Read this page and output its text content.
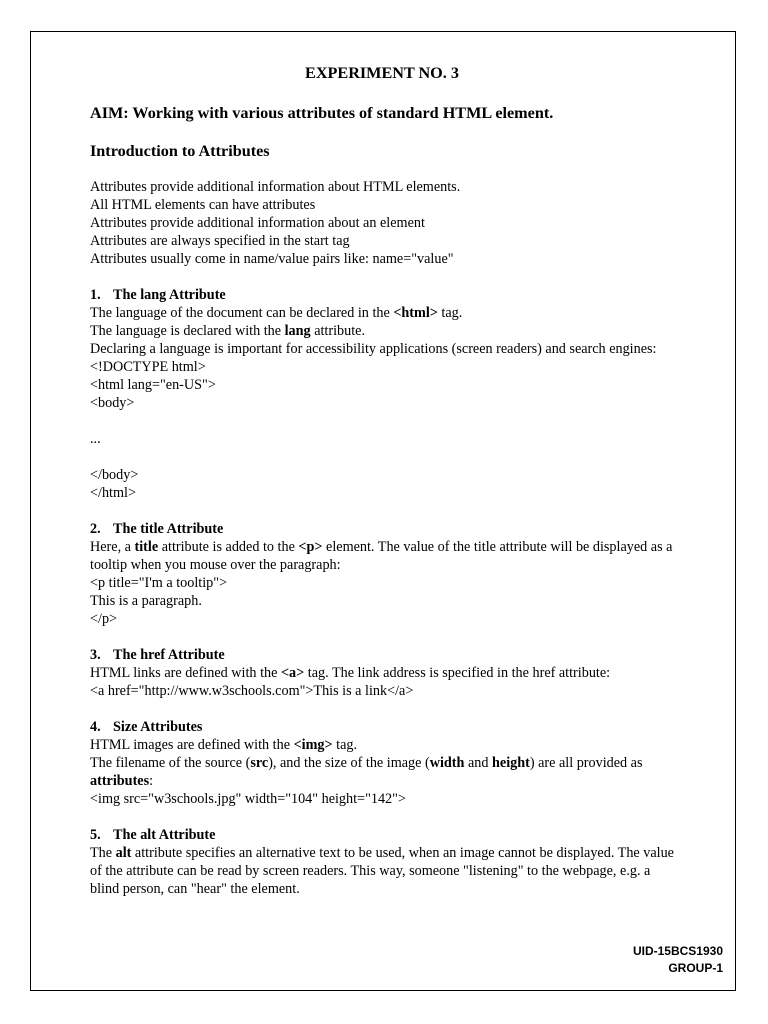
EXPERIMENT NO. 3
AIM: Working with various attributes of standard HTML element.
Introduction to Attributes
Attributes provide additional information about HTML elements.
All HTML elements can have attributes
Attributes provide additional information about an element
Attributes are always specified in the start tag
Attributes usually come in name/value pairs like: name="value"
1. The lang Attribute
The language of the document can be declared in the <html> tag.
The language is declared with the lang attribute.
Declaring a language is important for accessibility applications (screen readers) and search engines:
<!DOCTYPE html>
<html lang="en-US">
<body>
...
</body>
</html>
2. The title Attribute
Here, a title attribute is added to the <p> element. The value of the title attribute will be displayed as a tooltip when you mouse over the paragraph:
<p title="I'm a tooltip">
This is a paragraph.
</p>
3. The href Attribute
HTML links are defined with the <a> tag. The link address is specified in the href attribute:
<a href="http://www.w3schools.com">This is a link</a>
4. Size Attributes
HTML images are defined with the <img> tag.
The filename of the source (src), and the size of the image (width and height) are all provided as attributes:
<img src="w3schools.jpg" width="104" height="142">
5. The alt Attribute
The alt attribute specifies an alternative text to be used, when an image cannot be displayed. The value of the attribute can be read by screen readers. This way, someone "listening" to the webpage, e.g. a blind person, can "hear" the element.
UID-15BCS1930
GROUP-1
